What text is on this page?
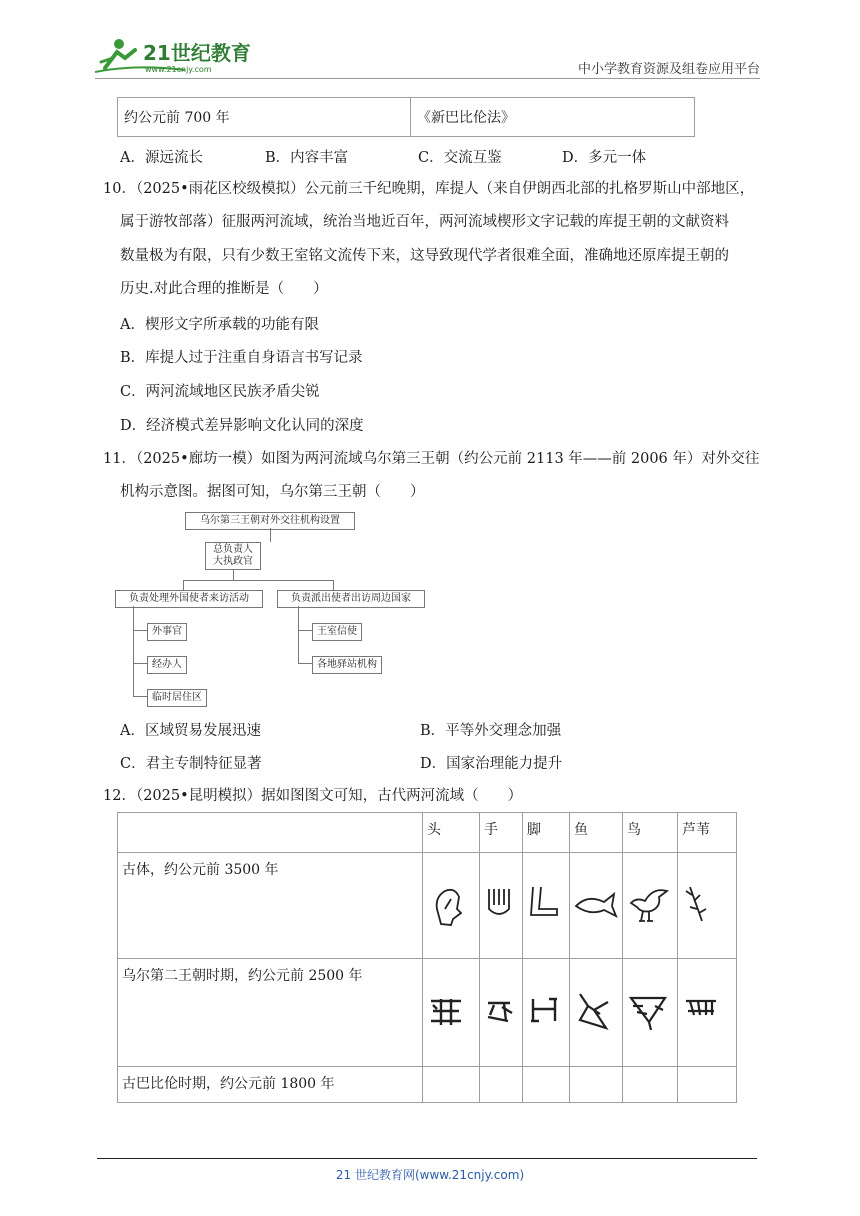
21世纪教育
www.21cnjy.com	中小学教育资源及组卷应用平台
约公元前 700 年	《新巴比伦法》
A．源远流长	B．内容丰富	C．交流互鉴	D．多元一体
10．（2025•雨花区校级模拟）公元前三千纪晚期，库提人（来自伊朗西北部的扎格罗斯山中部地区，
属于游牧部落）征服两河流域，统治当地近百年，两河流域楔形文字记载的库提王朝的文献资料
数量极为有限，只有少数王室铭文流传下来，这导致现代学者很难全面，准确地还原库提王朝的
历史.对此合理的推断是（　　）
A．楔形文字所承载的功能有限
B．库提人过于注重自身语言书写记录
C．两河流域地区民族矛盾尖锐
D．经济模式差异影响文化认同的深度
11．（2025•廊坊一模）如图为两河流域乌尔第三王朝（约公元前 2113 年——前 2006 年）对外交往
机构示意图。据图可知，乌尔第三王朝（　　）
乌尔第三王朝对外交往机构设置
总负责人
大执政官
负责处理外国使者来访活动	负责派出使者出访周边国家
外事官
经办人
临时居住区
王室信使
各地驿站机构
A．区域贸易发展迅速	B．平等外交理念加强
C．君主专制特征显著	D．国家治理能力提升
12．（2025•昆明模拟）据如图图文可知，古代两河流域（　　）
	头	手	脚	鱼	鸟	芦苇
古体，约公元前 3500 年						
乌尔第二王朝时期，约公元前 2500 年						
古巴比伦时期，约公元前 1800 年						
21 世纪教育网(www.21cnjy.com)
